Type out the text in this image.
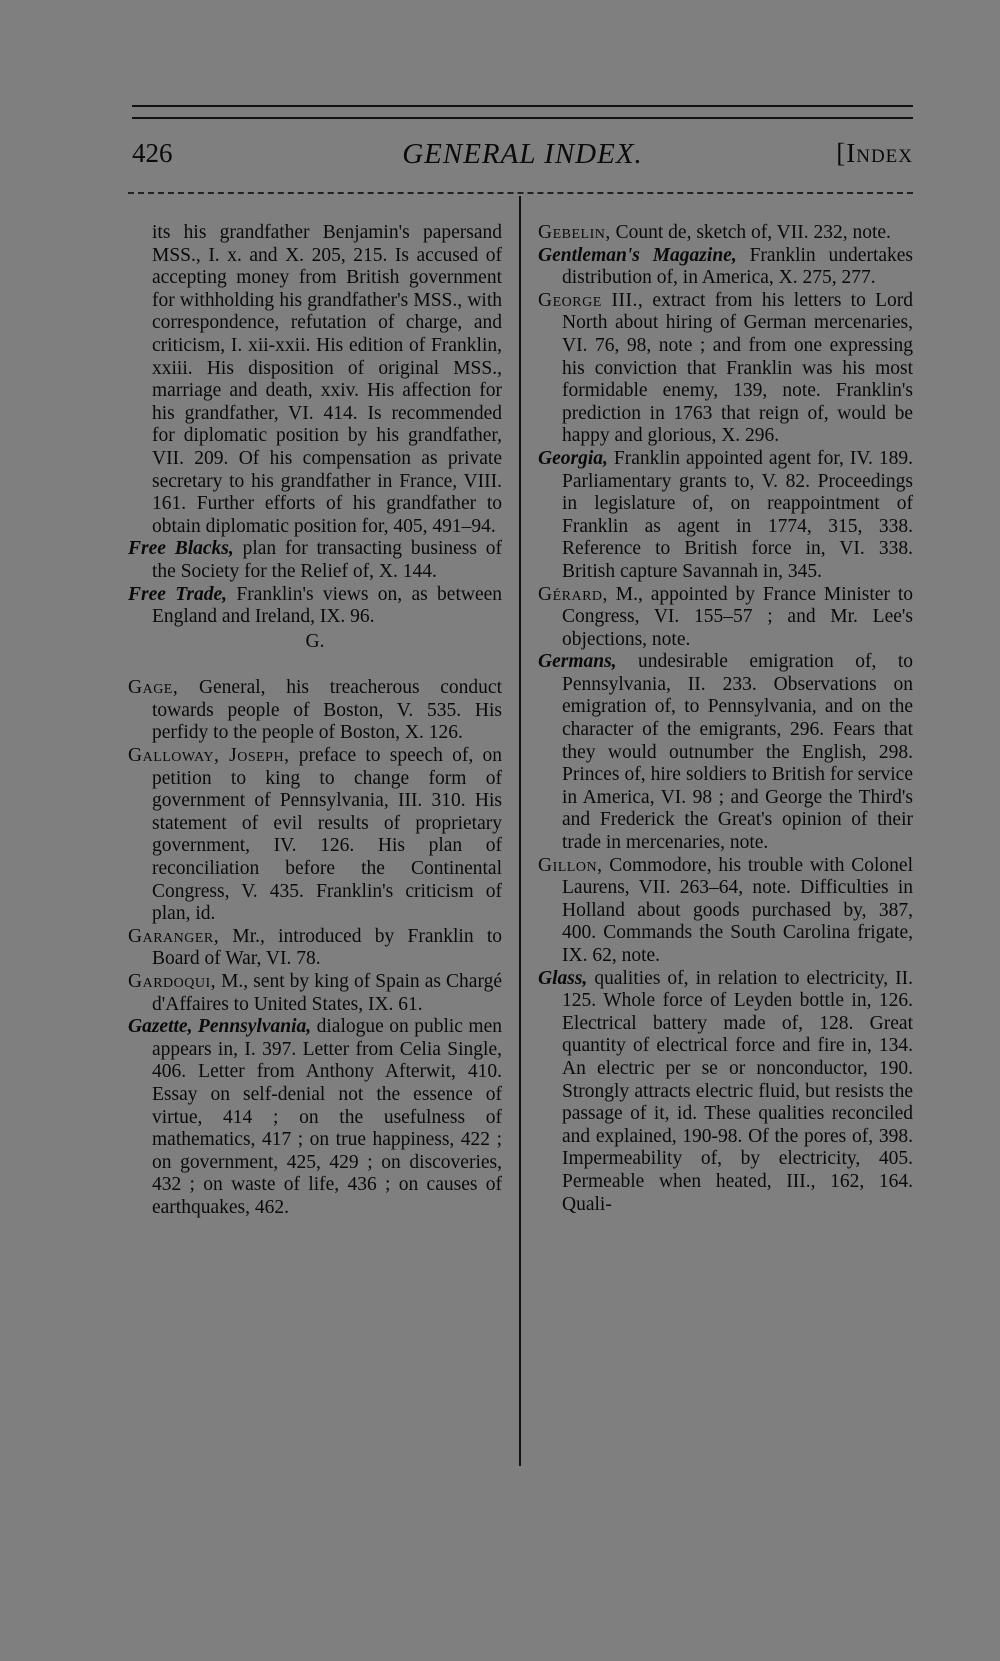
426	GENERAL INDEX.	[Index

its his grandfather Benjamin's papersand MSS., I. x. and X. 205, 215. Is accused of accepting money from British government for withholding his grandfather's MSS., with correspondence, refutation of charge, and criticism, I. xii-xxii. His edition of Franklin, xxiii. His disposition of original MSS., marriage and death, xxiv. His affection for his grandfather, VI. 414. Is recommended for diplomatic position by his grandfather, VII. 209. Of his compensation as private secretary to his grandfather in France, VIII. 161. Further efforts of his grandfather to obtain diplomatic position for, 405, 491–94.

Free Blacks, plan for transacting business of the Society for the Relief of, X. 144.

Free Trade, Franklin's views on, as between England and Ireland, IX. 96.

G.

Gage, General, his treacherous conduct towards people of Boston, V. 535. His perfidy to the people of Boston, X. 126.

Galloway, Joseph, preface to speech of, on petition to king to change form of government of Pennsylvania, III. 310. His statement of evil results of proprietary government, IV. 126. His plan of reconciliation before the Continental Congress, V. 435. Franklin's criticism of plan, id.

Garanger, Mr., introduced by Franklin to Board of War, VI. 78.

Gardoqui, M., sent by king of Spain as Chargé d'Affaires to United States, IX. 61.

Gazette, Pennsylvania, dialogue on public men appears in, I. 397. Letter from Celia Single, 406. Letter from Anthony Afterwit, 410. Essay on self-denial not the essence of virtue, 414 ; on the usefulness of mathematics, 417 ; on true happiness, 422 ; on government, 425, 429 ; on discoveries, 432 ; on waste of life, 436 ; on causes of earthquakes, 462.

Gebelin, Count de, sketch of, VII. 232, note.

Gentleman's Magazine, Franklin undertakes distribution of, in America, X. 275, 277.

George III., extract from his letters to Lord North about hiring of German mercenaries, VI. 76, 98, note ; and from one expressing his conviction that Franklin was his most formidable enemy, 139, note. Franklin's prediction in 1763 that reign of, would be happy and glorious, X. 296.

Georgia, Franklin appointed agent for, IV. 189. Parliamentary grants to, V. 82. Proceedings in legislature of, on reappointment of Franklin as agent in 1774, 315, 338. Reference to British force in, VI. 338. British capture Savannah in, 345.

Gérard, M., appointed by France Minister to Congress, VI. 155–57 ; and Mr. Lee's objections, note.

Germans, undesirable emigration of, to Pennsylvania, II. 233. Observations on emigration of, to Pennsylvania, and on the character of the emigrants, 296. Fears that they would outnumber the English, 298. Princes of, hire soldiers to British for service in America, VI. 98 ; and George the Third's and Frederick the Great's opinion of their trade in mercenaries, note.

Gillon, Commodore, his trouble with Colonel Laurens, VII. 263–64, note. Difficulties in Holland about goods purchased by, 387, 400. Commands the South Carolina frigate, IX. 62, note.

Glass, qualities of, in relation to electricity, II. 125. Whole force of Leyden bottle in, 126. Electrical battery made of, 128. Great quantity of electrical force and fire in, 134. An electric per se or nonconductor, 190. Strongly attracts electric fluid, but resists the passage of it, id. These qualities reconciled and explained, 190-98. Of the pores of, 398. Impermeability of, by electricity, 405. Permeable when heated, III., 162, 164. Quali-
